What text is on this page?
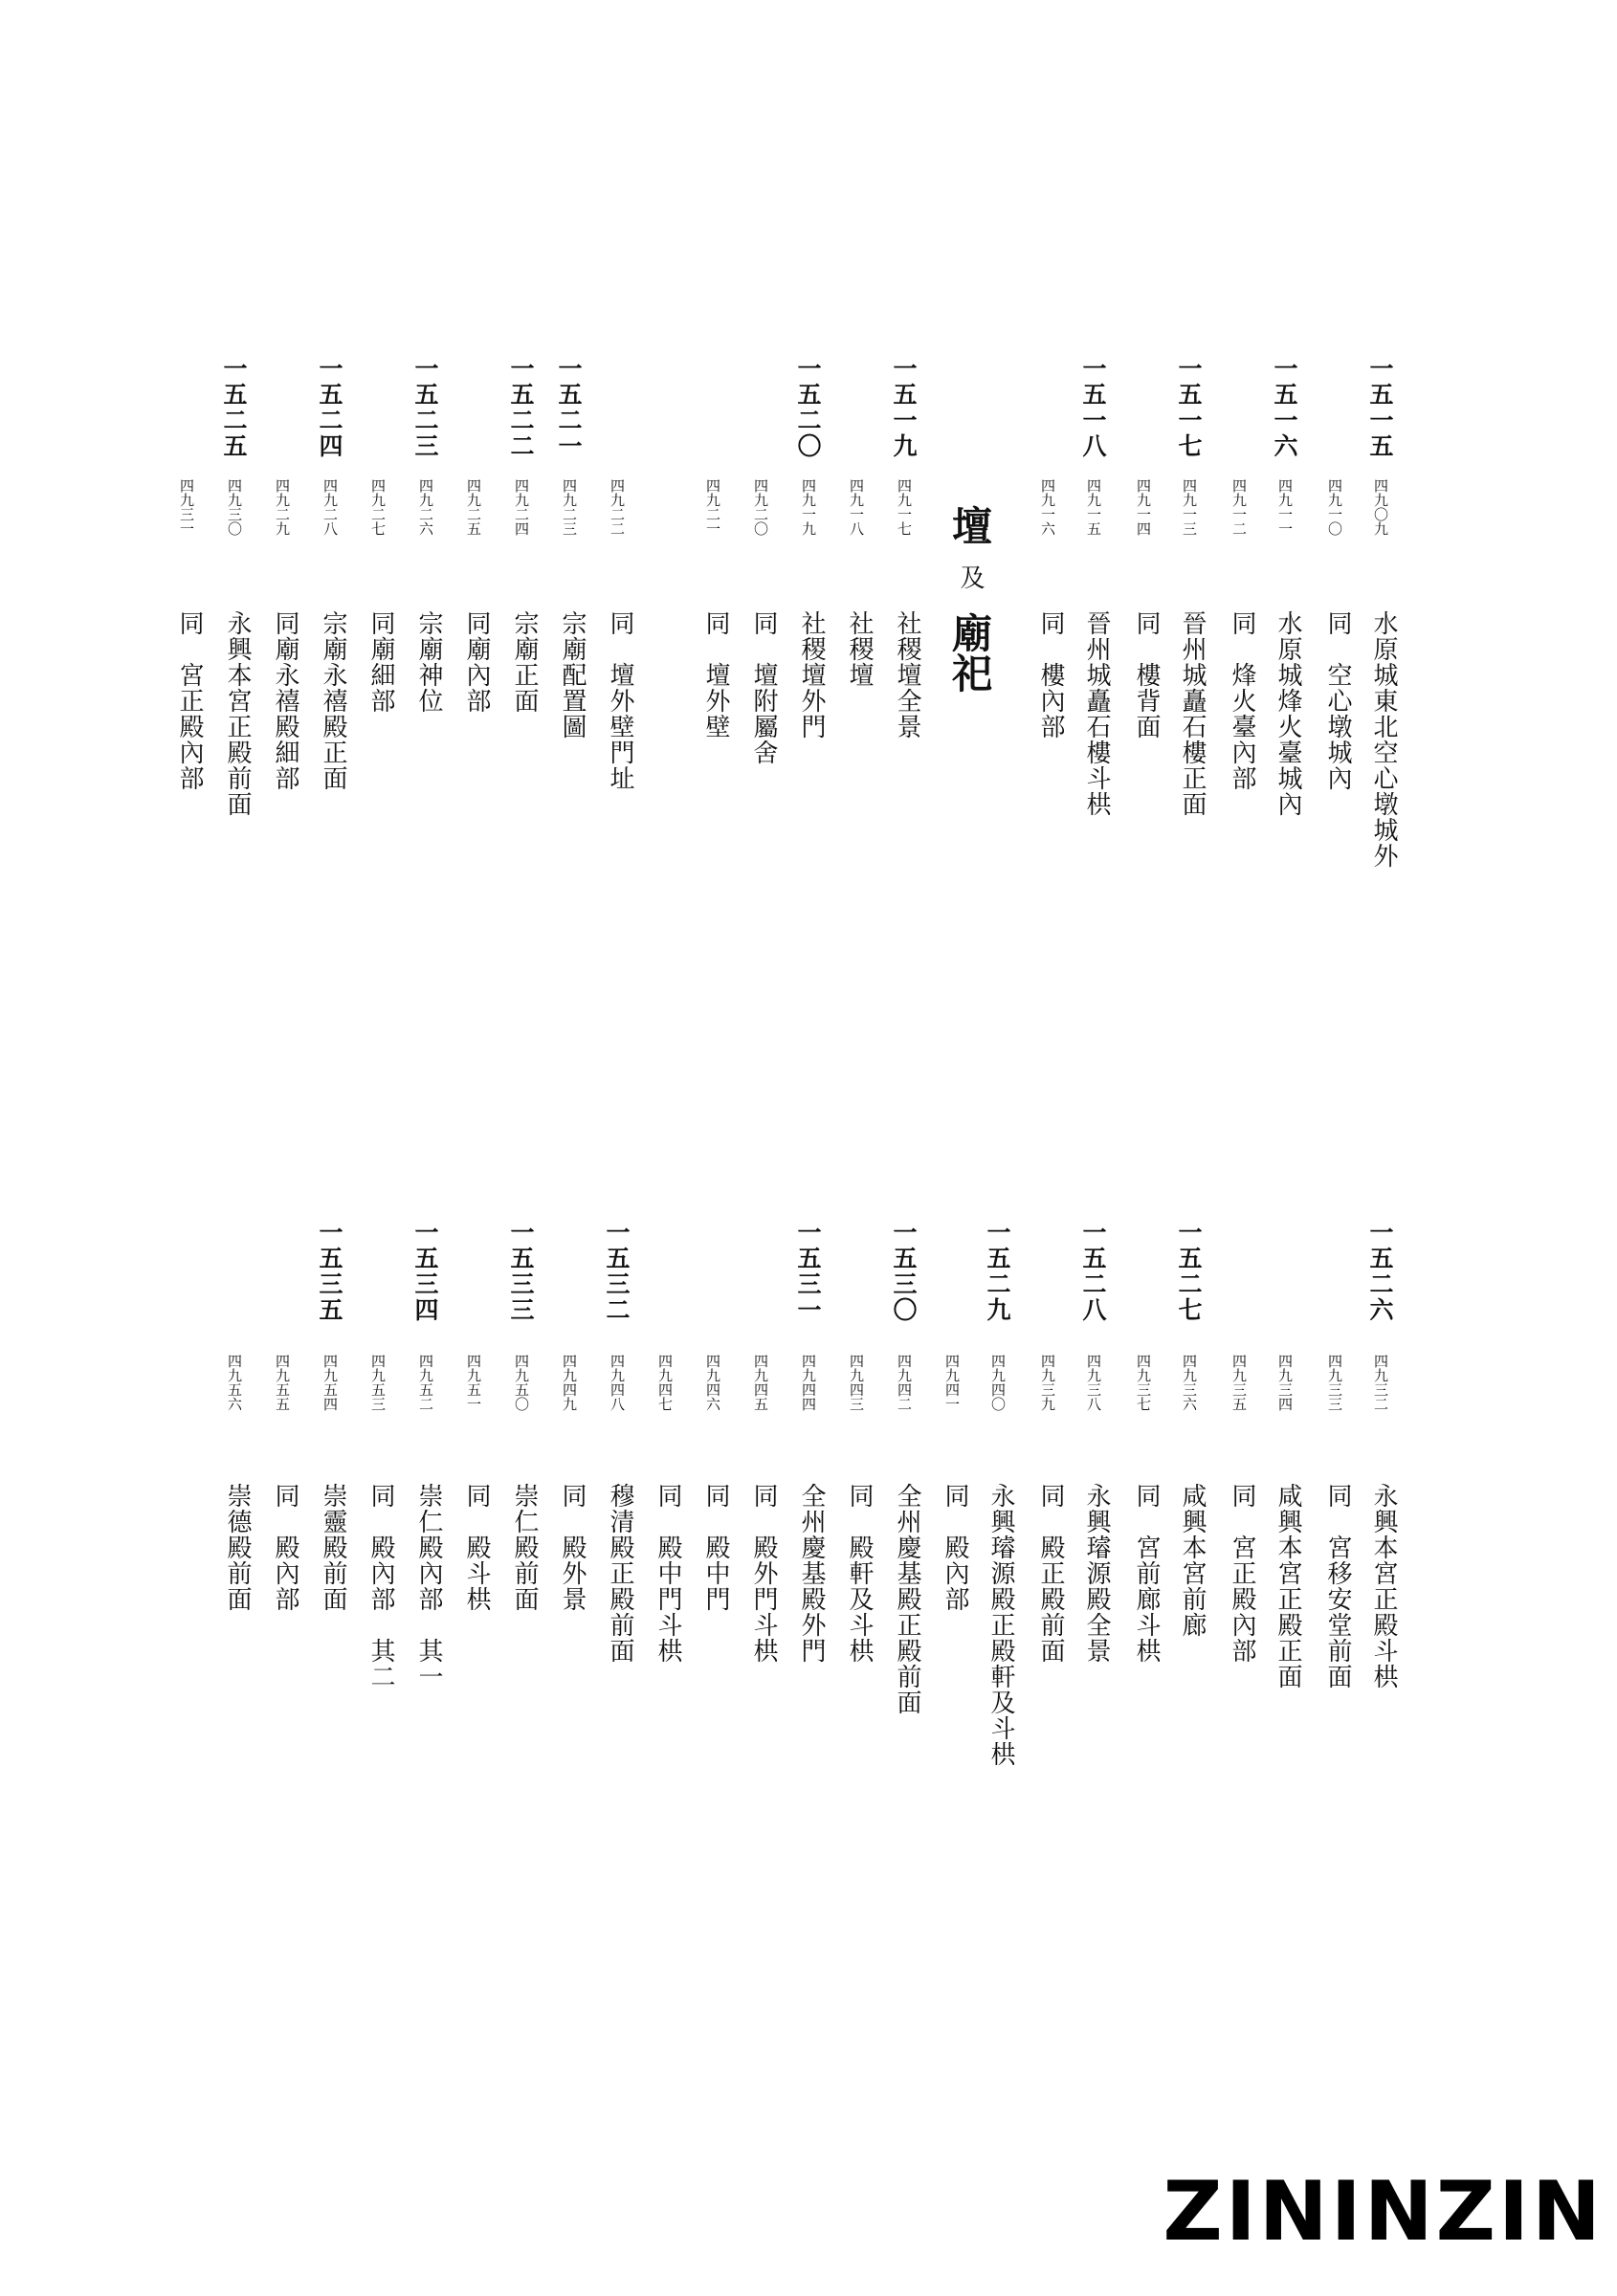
一五一五
四九〇九
水原城東北空心墩城外
四九一〇
同　空心墩城內
一五一六
四九一一
水原城烽火臺城內
四九一二
同　烽火臺內部
一五一七
四九一三
晉州城矗石樓正面
四九一四
同　樓背面
一五一八
四九一五
晉州城矗石樓斗栱
四九一六
同　樓內部
一五一九
四九一七
社稷壇全景
四九一八
社稷壇
一五二〇
四九一九
社稷壇外門
四九二〇
同　壇附屬舍
四九二一
同　壇外壁
四九二二
同　壇外壁門址
一五二一
四九二三
宗廟配置圖
一五二二
四九二四
宗廟正面
四九二五
同廟內部
一五二三
四九二六
宗廟神位
四九二七
同廟細部
一五二四
四九二八
宗廟永禧殿正面
四九二九
同廟永禧殿細部
一五二五
四九三〇
永興本宮正殿前面
四九三一
同　宮正殿內部
壇
及
廟祀
一五二六
四九三二
永興本宮正殿斗栱
四九三三
同　宮移安堂前面
四九三四
咸興本宮正殿正面
四九三五
同　宮正殿內部
一五二七
四九三六
咸興本宮前廊
四九三七
同　宮前廊斗栱
一五二八
四九三八
永興璿源殿全景
四九三九
同　殿正殿前面
一五二九
四九四〇
永興璿源殿正殿軒及斗栱
四九四一
同　殿內部
一五三〇
四九四二
全州慶基殿正殿前面
四九四三
同　殿軒及斗栱
一五三一
四九四四
全州慶基殿外門
四九四五
同　殿外門斗栱
四九四六
同　殿中門
四九四七
同　殿中門斗栱
一五三二
四九四八
穆清殿正殿前面
四九四九
同　殿外景
一五三三
四九五〇
崇仁殿前面
四九五一
同　殿斗栱
一五三四
四九五二
崇仁殿內部　其一
四九五三
同　殿內部　其二
一五三五
四九五四
崇靈殿前面
四九五五
同　殿內部
四九五六
崇德殿前面
ZININZIN
